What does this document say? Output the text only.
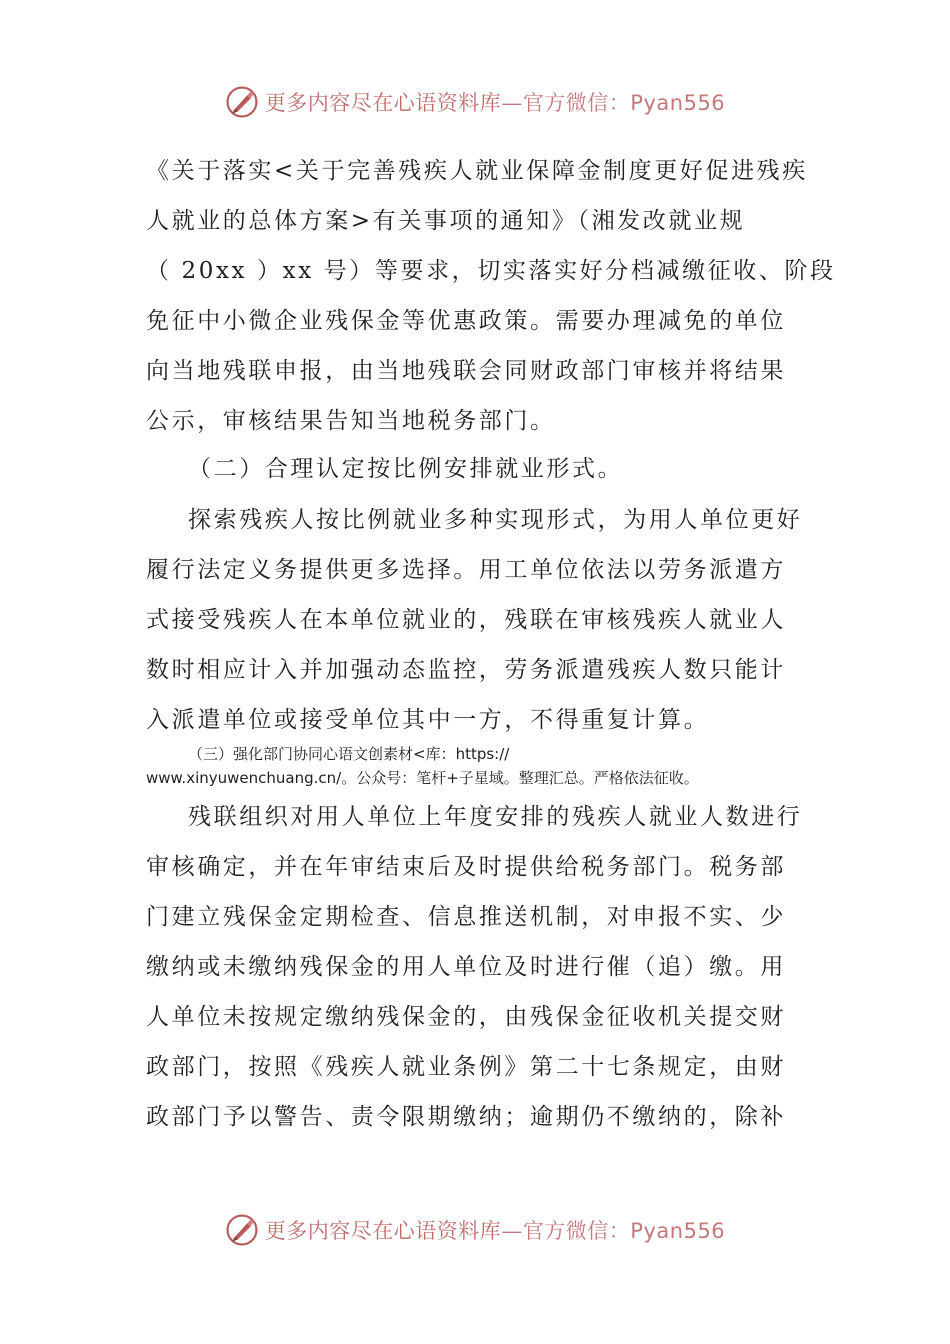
更多内容尽在心语资料库—官方微信：Pyan556
《关于落实<关于完善残疾人就业保障金制度更好促进残疾
人就业的总体方案>有关事项的通知》（湘发改就业规
（ 20xx ）xx 号）等要求，切实落实好分档减缴征收、阶段
免征中小微企业残保金等优惠政策。需要办理减免的单位
向当地残联申报，由当地残联会同财政部门审核并将结果
公示，审核结果告知当地税务部门。
（二）合理认定按比例安排就业形式。
探索残疾人按比例就业多种实现形式，为用人单位更好
履行法定义务提供更多选择。用工单位依法以劳务派遣方
式接受残疾人在本单位就业的，残联在审核残疾人就业人
数时相应计入并加强动态监控，劳务派遣残疾人数只能计
入派遣单位或接受单位其中一方，不得重复计算。
（三）强化部门协同心语文创素材<库：https://
www.xinyuwenchuang.cn/。公众号：笔杆+子星域。整理汇总。严格依法征收。
残联组织对用人单位上年度安排的残疾人就业人数进行
审核确定，并在年审结束后及时提供给税务部门。税务部
门建立残保金定期检查、信息推送机制，对申报不实、少
缴纳或未缴纳残保金的用人单位及时进行催（追）缴。用
人单位未按规定缴纳残保金的，由残保金征收机关提交财
政部门，按照《残疾人就业条例》第二十七条规定，由财
政部门予以警告、责令限期缴纳；逾期仍不缴纳的，除补
更多内容尽在心语资料库—官方微信：Pyan556
